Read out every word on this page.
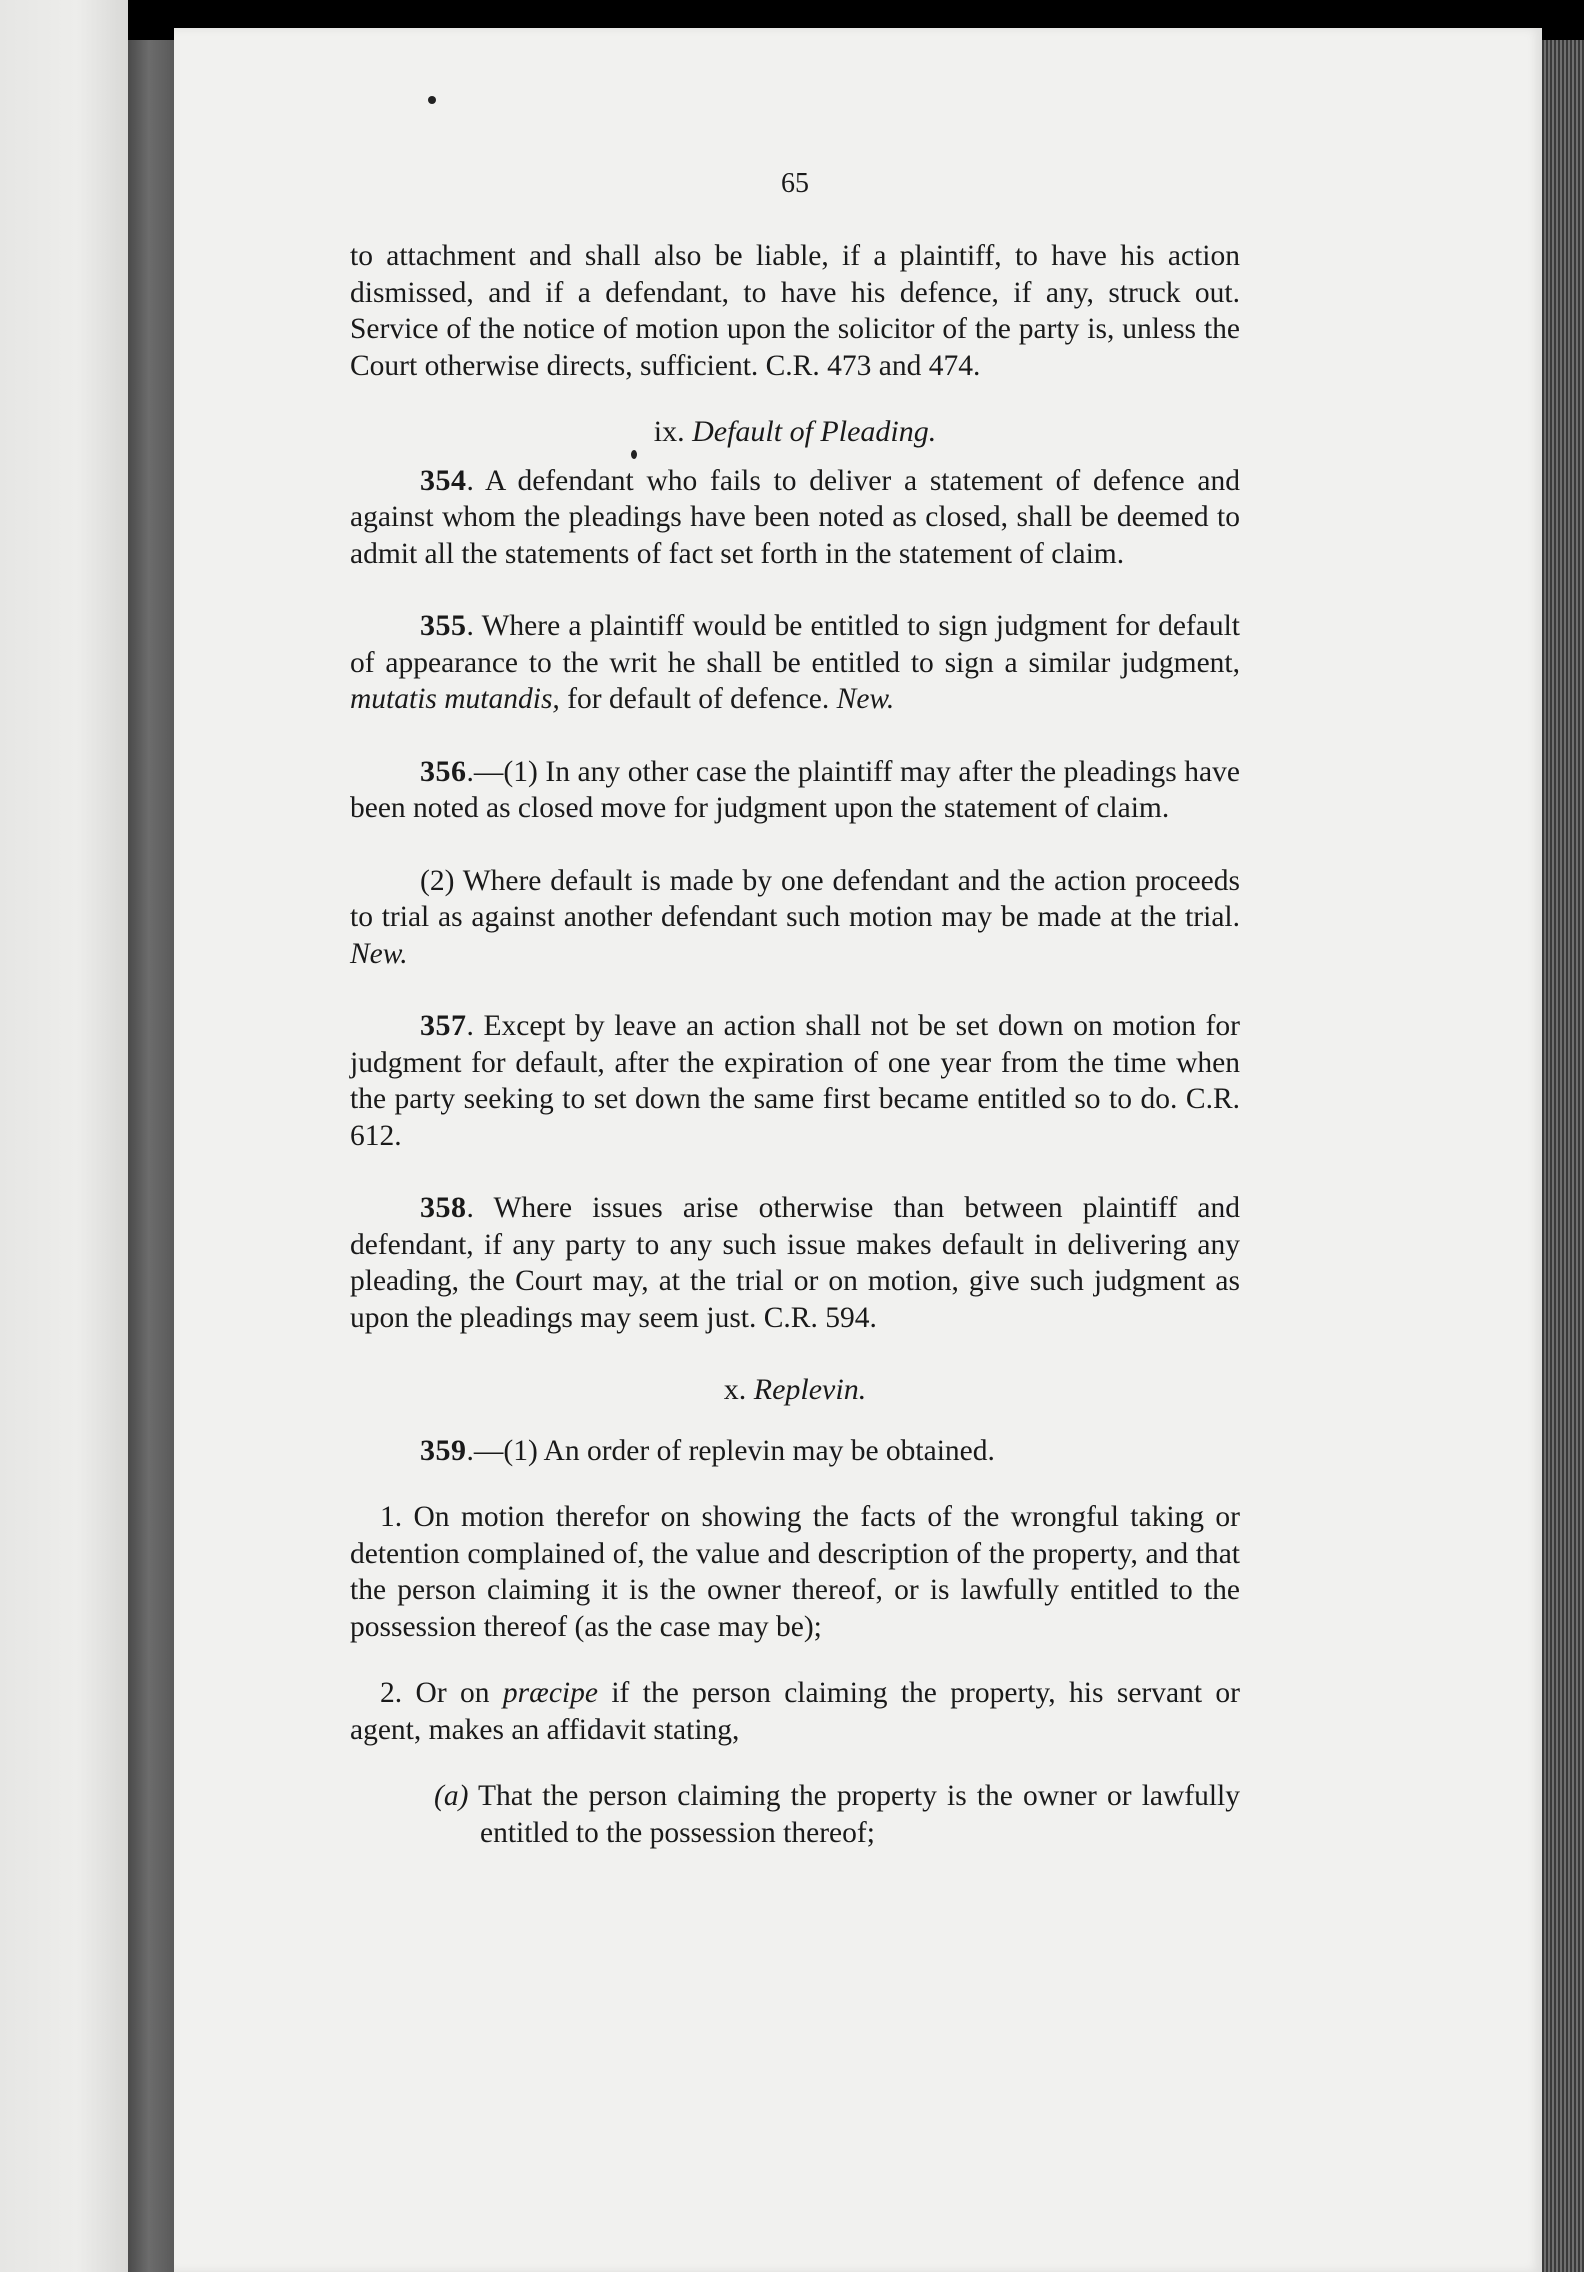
65

to attachment and shall also be liable, if a plaintiff, to have his action dismissed, and if a defendant, to have his defence, if any, struck out. Service of the notice of motion upon the solicitor of the party is, unless the Court otherwise directs, sufficient. C.R. 473 and 474.

ix. Default of Pleading.

354. A defendant who fails to deliver a statement of defence and against whom the pleadings have been noted as closed, shall be deemed to admit all the statements of fact set forth in the statement of claim.

355. Where a plaintiff would be entitled to sign judgment for default of appearance to the writ he shall be entitled to sign a similar judgment, mutatis mutandis, for default of defence. New.

356.—(1) In any other case the plaintiff may after the pleadings have been noted as closed move for judgment upon the statement of claim.

(2) Where default is made by one defendant and the action proceeds to trial as against another defendant such motion may be made at the trial. New.

357. Except by leave an action shall not be set down on motion for judgment for default, after the expiration of one year from the time when the party seeking to set down the same first became entitled so to do. C.R. 612.

358. Where issues arise otherwise than between plaintiff and defendant, if any party to any such issue makes default in delivering any pleading, the Court may, at the trial or on motion, give such judgment as upon the pleadings may seem just. C.R. 594.

x. Replevin.

359.—(1) An order of replevin may be obtained.

1. On motion therefor on showing the facts of the wrongful taking or detention complained of, the value and description of the property, and that the person claiming it is the owner thereof, or is lawfully entitled to the possession thereof (as the case may be);

2. Or on præcipe if the person claiming the property, his servant or agent, makes an affidavit stating,

(a) That the person claiming the property is the owner or lawfully entitled to the possession thereof;
